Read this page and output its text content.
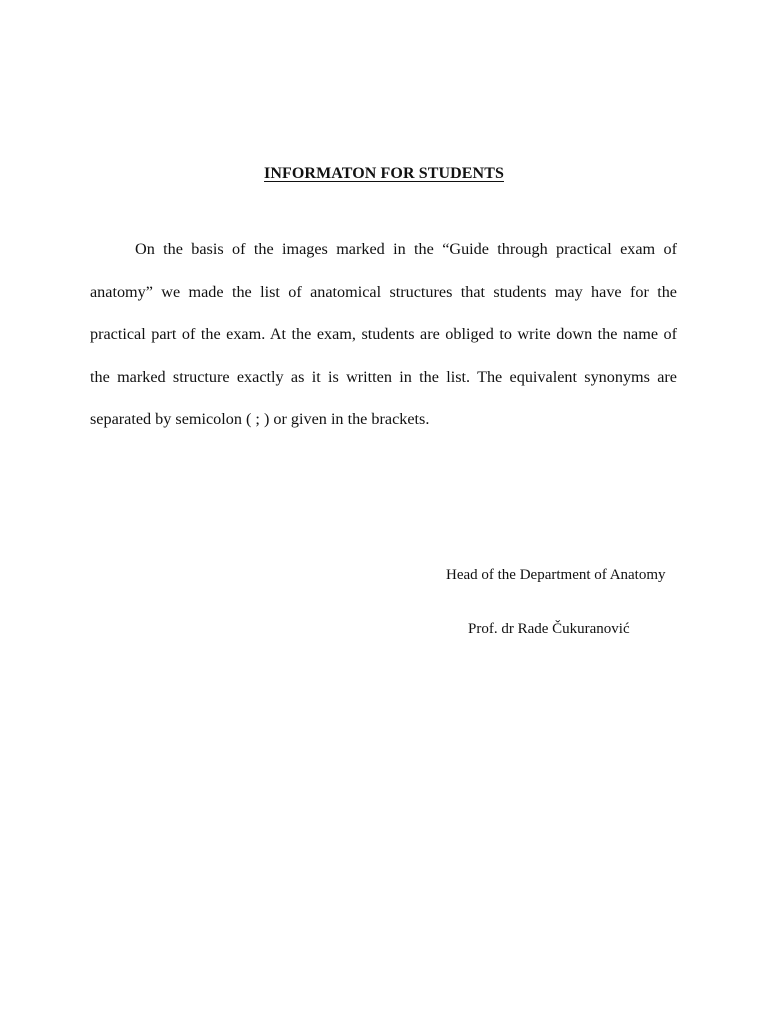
INFORMATON FOR STUDENTS

On the basis of the images marked in the “Guide through practical exam of anatomy” we made the list of anatomical structures that students may have for the practical part of the exam. At the exam, students are obliged to write down the name of the marked structure exactly as it is written in the list. The equivalent synonyms are separated by semicolon ( ; ) or given in the brackets.

Head of the Department of Anatomy
Prof. dr Rade Čukuranović
